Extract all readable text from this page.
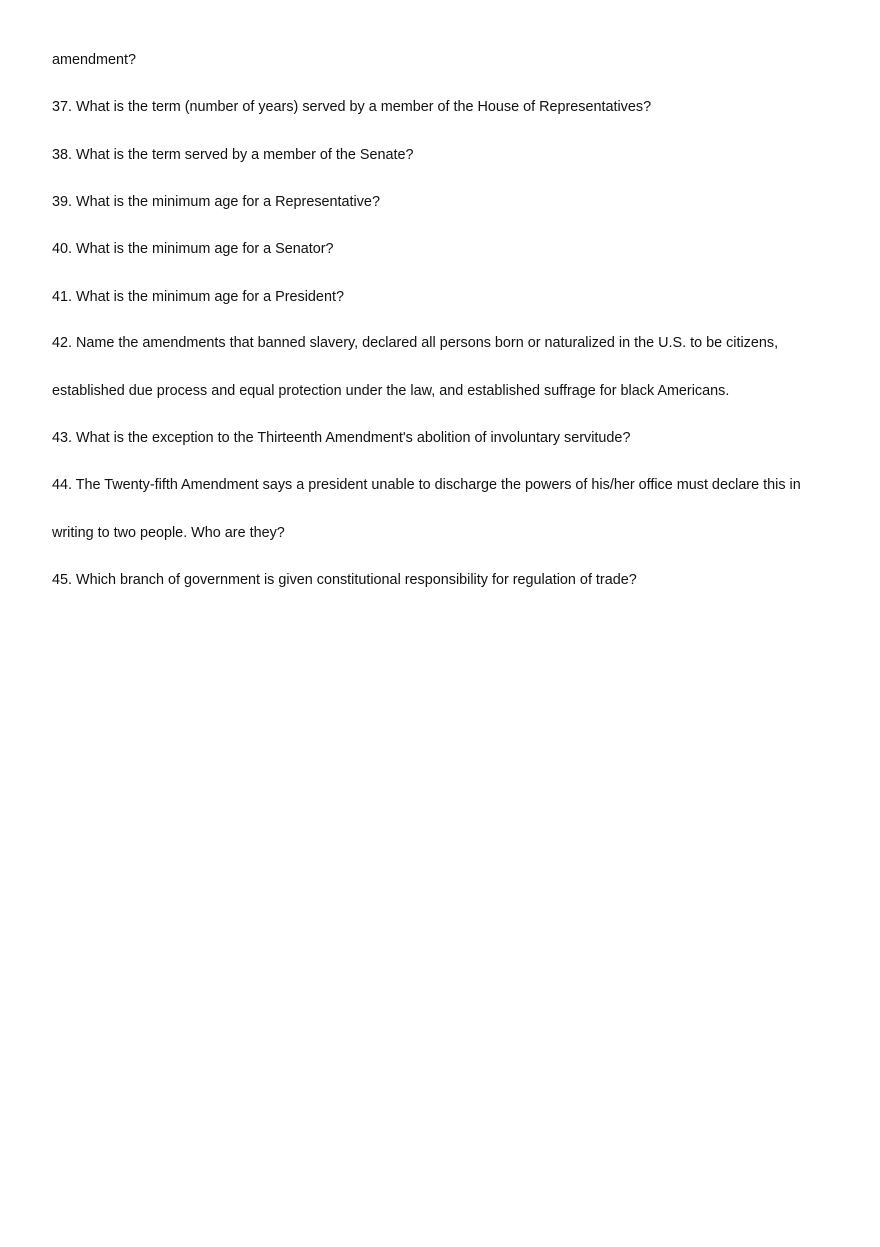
amendment?
37. What is the term (number of years) served by a member of the House of Representatives?
38. What is the term served by a member of the Senate?
39. What is the minimum age for a Representative?
40. What is the minimum age for a Senator?
41. What is the minimum age for a President?
42. Name the amendments that banned slavery, declared all persons born or naturalized in the U.S. to be citizens,
established due process and equal protection under the law, and established suffrage for black Americans.
43. What is the exception to the Thirteenth Amendment's abolition of involuntary servitude?
44. The Twenty-fifth Amendment says a president unable to discharge the powers of his/her office must declare this in
writing to two people. Who are they?
45. Which branch of government is given constitutional responsibility for regulation of trade?
